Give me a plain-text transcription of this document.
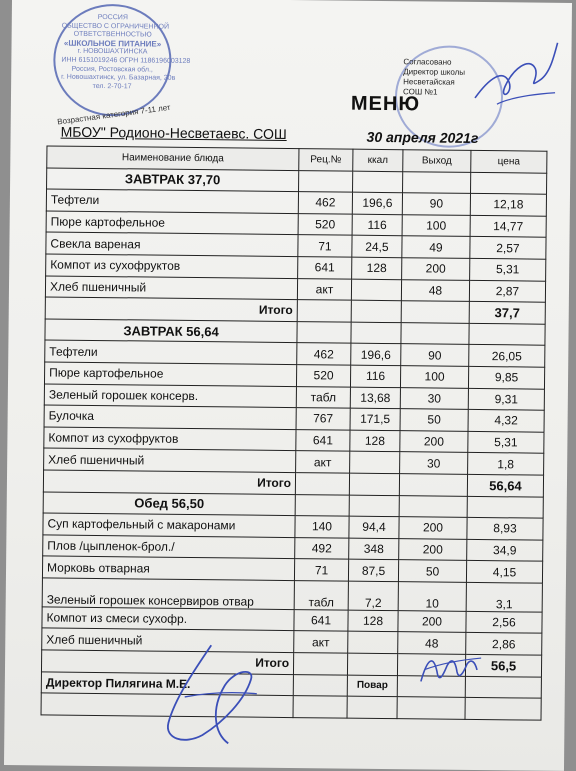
РОССИЯ
ОБЩЕСТВО С ОГРАНИЧЕННОЙ
ОТВЕТСТВЕННОСТЬЮ
«ШКОЛЬНОЕ ПИТАНИЕ»
г. НОВОШАХТИНСКА
ИНН 6151019246 ОГРН 1186196003128
Россия, Ростовская обл.,
г. Новошахтинск, ул. Базарная, 20в
тел. 2-70-17
Согласовано
Директор школы
Несветайская
СОШ №1
МЕНЮ
Возрастная категория 7-11 лет
МБОУ" Родионо-Несветаевс. СОШ	30 апреля 2021г
Наименование блюда	Рец.№	ккал	Выход	цена
ЗАВТРАК 37,70				
Тефтели	462	196,6	90	12,18
Пюре картофельное	520	116	100	14,77
Свекла вареная	71	24,5	49	2,57
Компот из сухофруктов	641	128	200	5,31
Хлеб пшеничный	акт		48	2,87
Итого				37,7
ЗАВТРАК 56,64				
Тефтели	462	196,6	90	26,05
Пюре картофельное	520	116	100	9,85
Зеленый горошек консерв.	табл	13,68	30	9,31
Булочка	767	171,5	50	4,32
Компот из сухофруктов	641	128	200	5,31
Хлеб пшеничный	акт		30	1,8
Итого				56,64
Обед 56,50				
Суп картофельный с макаронами	140	94,4	200	8,93
Плов /цыпленок-брол./	492	348	200	34,9
Морковь отварная	71	87,5	50	4,15
Зеленый горошек консервиров отвар	табл	7,2	10	3,1
Компот из смеси сухофр.	641	128	200	2,56
Хлеб пшеничный	акт		48	2,86
Итого				56,5
Директор Пилягина М.Е.		Повар		
